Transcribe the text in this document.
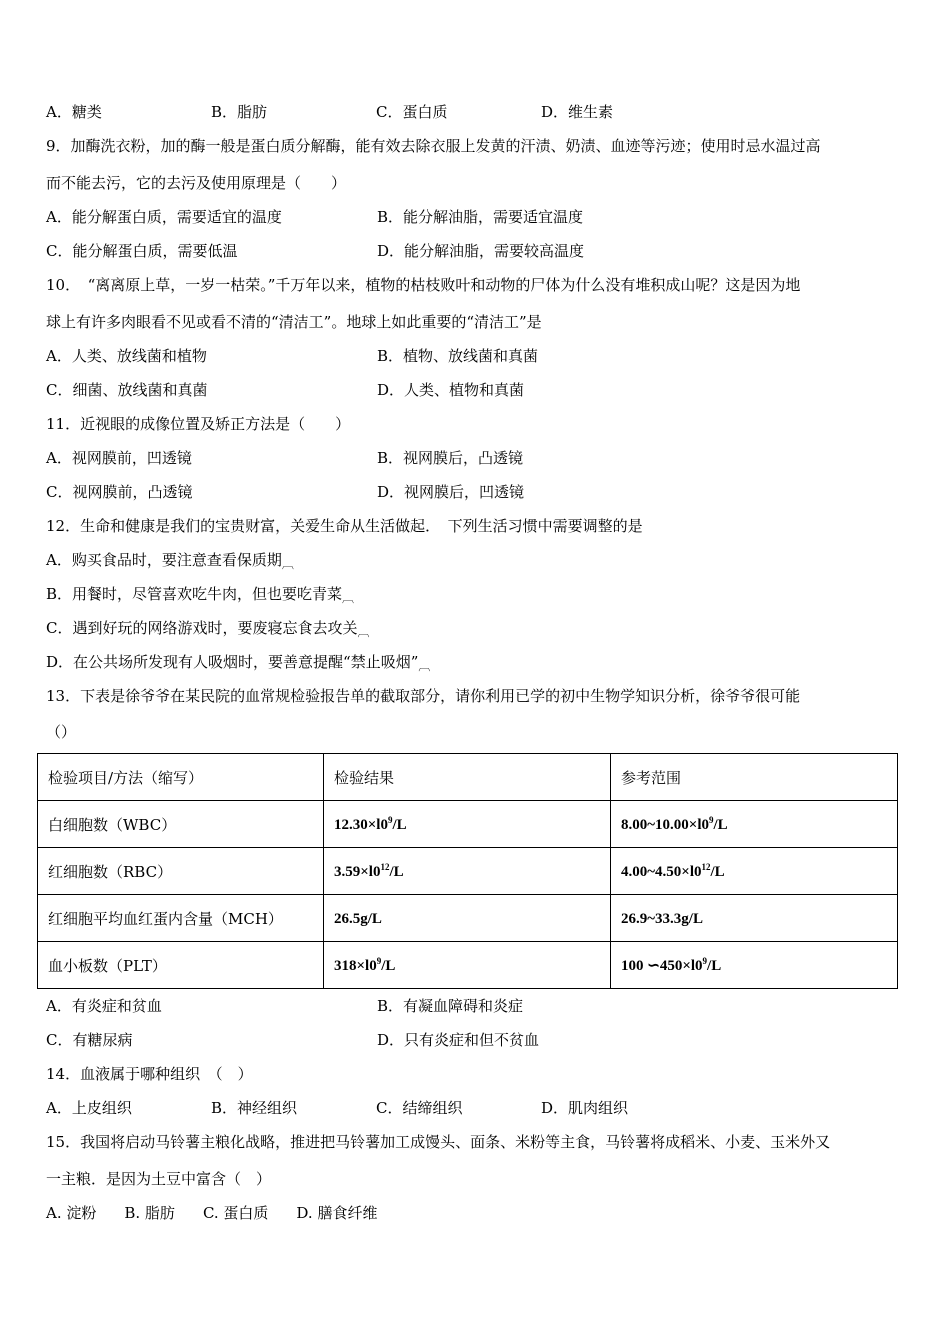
A．糖类	B．脂肪	C．蛋白质	D．维生素
9．加酶洗衣粉，加的酶一般是蛋白质分解酶，能有效去除衣服上发黄的汗渍、奶渍、血迹等污迹；使用时忌水温过高
而不能去污，它的去污及使用原理是（　　）
A．能分解蛋白质，需要适宜的温度	B．能分解油脂，需要适宜温度
C．能分解蛋白质，需要低温	D．能分解油脂，需要较高温度
10．　“离离原上草，一岁一枯荣。”千万年以来，植物的枯枝败叶和动物的尸体为什么没有堆积成山呢？这是因为地
球上有许多肉眼看不见或看不清的“清洁工”。地球上如此重要的“清洁工”是
A．人类、放线菌和植物	B．植物、放线菌和真菌
C．细菌、放线菌和真菌	D．人类、植物和真菌
11．近视眼的成像位置及矫正方法是（　　）
A．视网膜前，凹透镜	B．视网膜后，凸透镜
C．视网膜前，凸透镜	D．视网膜后，凹透镜
12．生命和健康是我们的宝贵财富，关爱生命从生活做起．　下列生活习惯中需要调整的是
A．购买食品时，要注意查看保质期$_︹$
B．用餐时，尽管喜欢吃牛肉，但也要吃青菜$_︹$
C．遇到好玩的网络游戏时，要废寝忘食去攻关$_︹$
D．在公共场所发现有人吸烟时，要善意提醒“禁止吸烟$”_︹$
13．下表是徐爷爷在某民院的血常规检验报告单的截取部分，请你利用已学的初中生物学知识分析，徐爷爷很可能
（）
检验项目/方法（缩写）	检验结果	参考范围
白细胞数（WBC）	$12.30\times l0^9/L$	$8.00\sim 10.00\times l0^9/L$
红细胞数（RBC）	$3.59\times l0^{12}/L$	$4.00\sim 4.50\times l0^{12}/L$
红细胞平均血红蛋内含量（MCH）	26.5g/L	26.9~33.3g/L
血小板数（PLT）	$318\times l0^9/L$	100 $∽450\times l0^9/L$
A．有炎症和贫血	B．有凝血障碍和炎症
C．有糖尿病	D．只有炎症和但不贫血
14．血液属于哪种组织　（　）
A．上皮组织	B．神经组织	C．结缔组织	D．肌肉组织
15．我国将启动马铃薯主粮化战略，推进把马铃薯加工成馒头、面条、米粉等主食，马铃薯将成稻米、小麦、玉米外又
一主粮．是因为土豆中富含（　）
A. 淀粉 B. 脂肪 C. 蛋白质 D. 膳食纤维
